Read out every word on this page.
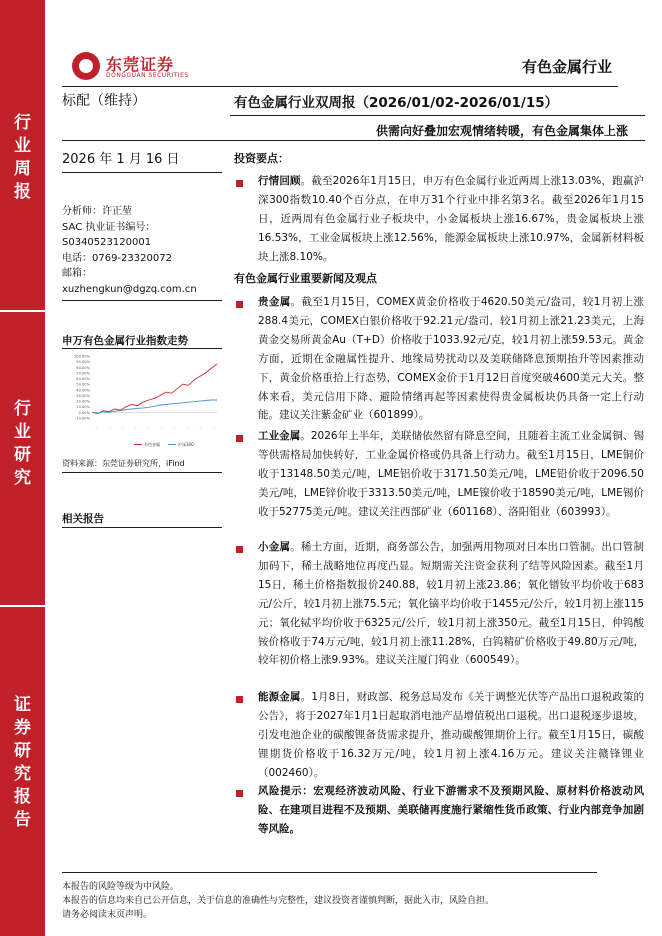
行
业
周
报
行
业
研
究
证
券
研
究
报
告
东莞证券
DONGGUAN SECURITIES	有色金属行业
标配（维持）	有色金属行业双周报（2026/01/02-2026/01/15）
供需向好叠加宏观情绪转暖，有色金属集体上涨
2026 年 1 月 16 日
分析师：许正堃
SAC 执业证书编号：
S0340523120001
电话：0769-23320072
邮箱：
xuzhengkun@dgzq.com.cn
申万有色金属行业指数走势
100.00%
90.00%
80.00%
70.00%
60.00%
50.00%
40.00%
30.00%
20.00%
10.00%
0.00%
-10.00%
···· ···· ···· ···· ···· ···· ···· ···· ···· ····
有色金属	沪深300
资料来源：东莞证券研究所，iFind
相关报告
投资要点：
行情回顾。截至2026年1月15日，申万有色金属行业近两周上涨13.03%，跑赢沪深300指数10.40个百分点，在申万31个行业中排名第3名。截至2026年1月15日，近两周有色金属行业子板块中，小金属板块上涨16.67%，贵金属板块上涨16.53%，工业金属板块上涨12.56%，能源金属板块上涨10.97%，金属新材料板块上涨8.10%。
有色金属行业重要新闻及观点
贵金属。截至1月15日，COMEX黄金价格收于4620.50美元/盎司，较1月初上涨288.4美元，COMEX白银价格收于92.21元/盎司，较1月初上涨21.23美元，上海黄金交易所黄金Au（T+D）价格收于1033.92元/克，较1月初上涨59.53元。黄金方面，近期在金融属性提升、地缘局势扰动以及美联储降息预期抬升等因素推动下，黄金价格重拾上行态势，COMEX金价于1月12日首度突破4600美元大关。整体来看，美元信用下降、避险情绪再起等因素使得贵金属板块仍具备一定上行动能。建议关注紫金矿业（601899）。
工业金属。2026年上半年，美联储依然留有降息空间，且随着主流工业金属铜、锡等供需格局加快转好，工业金属价格或仍具备上行动力。截至1月15日，LME铜价收于13148.50美元/吨，LME铝价收于3171.50美元/吨，LME铅价收于2096.50美元/吨，LME锌价收于3313.50美元/吨，LME镍价收于18590美元/吨，LME锡价收于52775美元/吨。建议关注西部矿业（601168）、洛阳钼业（603993）。
小金属。稀土方面，近期，商务部公告，加强两用物项对日本出口管制。出口管制加码下，稀土战略地位再度凸显。短期需关注资金获利了结等风险因素。截至1月15日，稀土价格指数报价240.88，较1月初上涨23.86；氧化镨钕平均价收于683元/公斤，较1月初上涨75.5元；氧化镝平均价收于1455元/公斤，较1月初上涨115元；氧化铽平均价收于6325元/公斤，较1月初上涨350元。截至1月15日，仲钨酸铵价格收于74万元/吨，较1月初上涨11.28%，白钨精矿价格收于49.80万元/吨，较年初价格上涨9.93%。建议关注厦门钨业（600549）。
能源金属。1月8日，财政部、税务总局发布《关于调整光伏等产品出口退税政策的公告》，将于2027年1月1日起取消电池产品增值税出口退税。出口退税逐步退坡，引发电池企业的碳酸锂备货需求提升，推动碳酸锂期价上行。截至1月15日，碳酸锂期货价格收于16.32万元/吨，较1月初上涨4.16万元。建议关注赣锋锂业（002460）。
风险提示：宏观经济波动风险、行业下游需求不及预期风险、原材料价格波动风险、在建项目进程不及预期、美联储再度施行紧缩性货币政策、行业内部竞争加剧等风险。
本报告的风险等级为中风险。
本报告的信息均来自已公开信息，关于信息的准确性与完整性，建议投资者谨慎判断，据此入市，风险自担。
请务必阅读末页声明。
